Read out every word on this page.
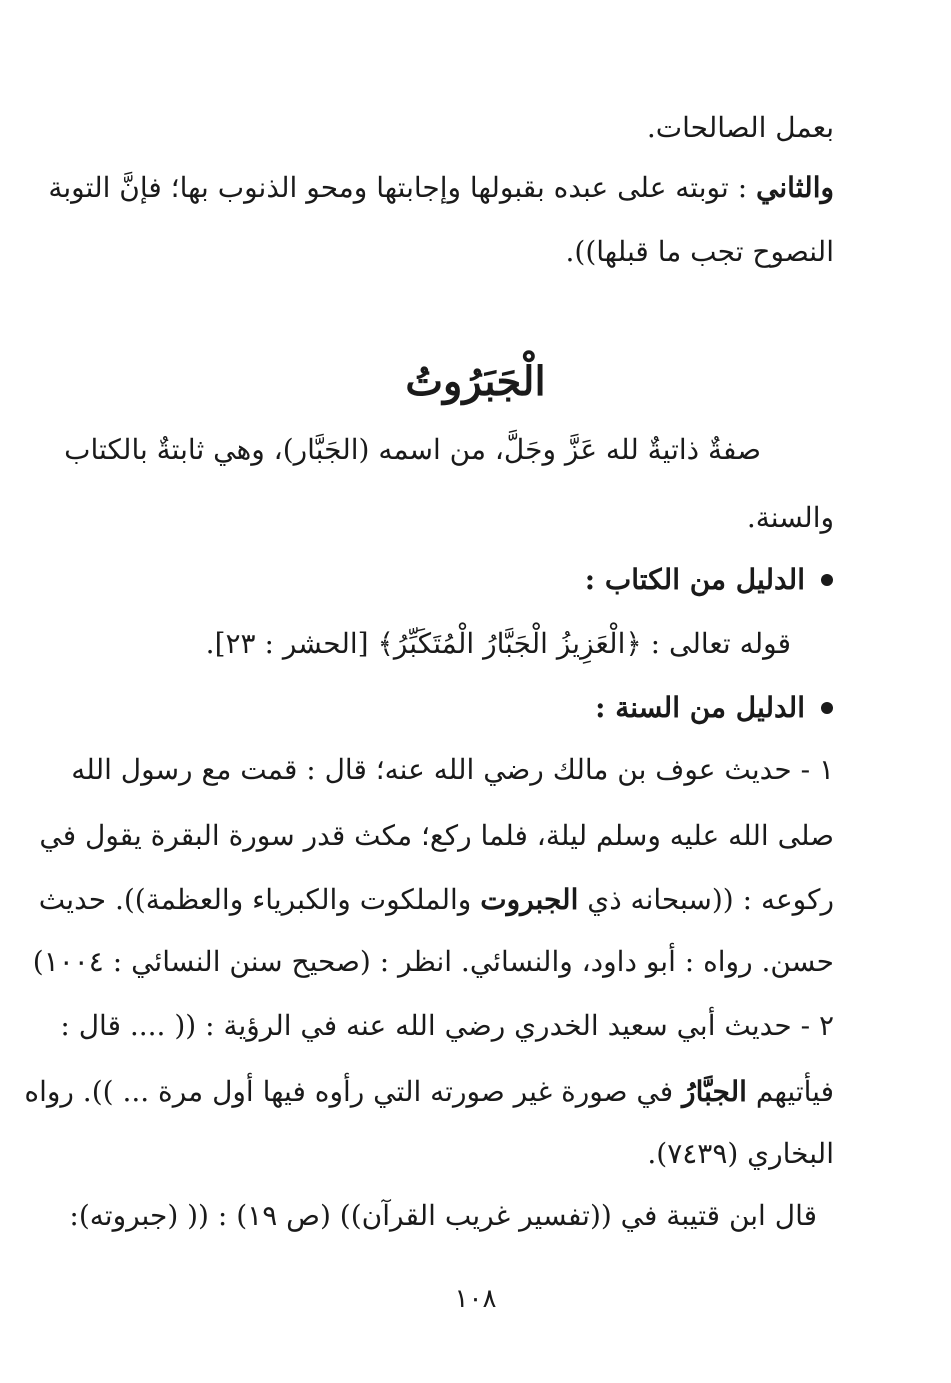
بعمل الصالحات.
والثاني : توبته على عبده بقبولها وإجابتها ومحو الذنوب بها؛ فإنَّ التوبة
النصوح تجب ما قبلها)).
الْجَبَرُوتُ
صفةٌ ذاتيةٌ لله عَزَّ وجَلَّ، من اسمه (الجَبَّار)، وهي ثابتةٌ بالكتاب
والسنة.
الدليل من الكتاب :
قوله تعالى : ﴿الْعَزِيزُ الْجَبَّارُ الْمُتَكَبِّرُ﴾ [الحشر : ٢٣].
الدليل من السنة :
١ - حديث عوف بن مالك رضي الله عنه؛ قال : قمت مع رسول الله
صلى الله عليه وسلم ليلة، فلما ركع؛ مكث قدر سورة البقرة يقول في
ركوعه : ((سبحانه ذي الجبروت والملكوت والكبرياء والعظمة)). حديث
حسن. رواه : أبو داود، والنسائي. انظر : (صحيح سنن النسائي : ١٠٠٤)
٢ - حديث أبي سعيد الخدري رضي الله عنه في الرؤية : (( .... قال :
فيأتيهم الجبَّارُ في صورة غير صورته التي رأوه فيها أول مرة ... )). رواه
البخاري (٧٤٣٩).
قال ابن قتيبة في ((تفسير غريب القرآن)) (ص ١٩) : (( (جبروته):
١٠٨
